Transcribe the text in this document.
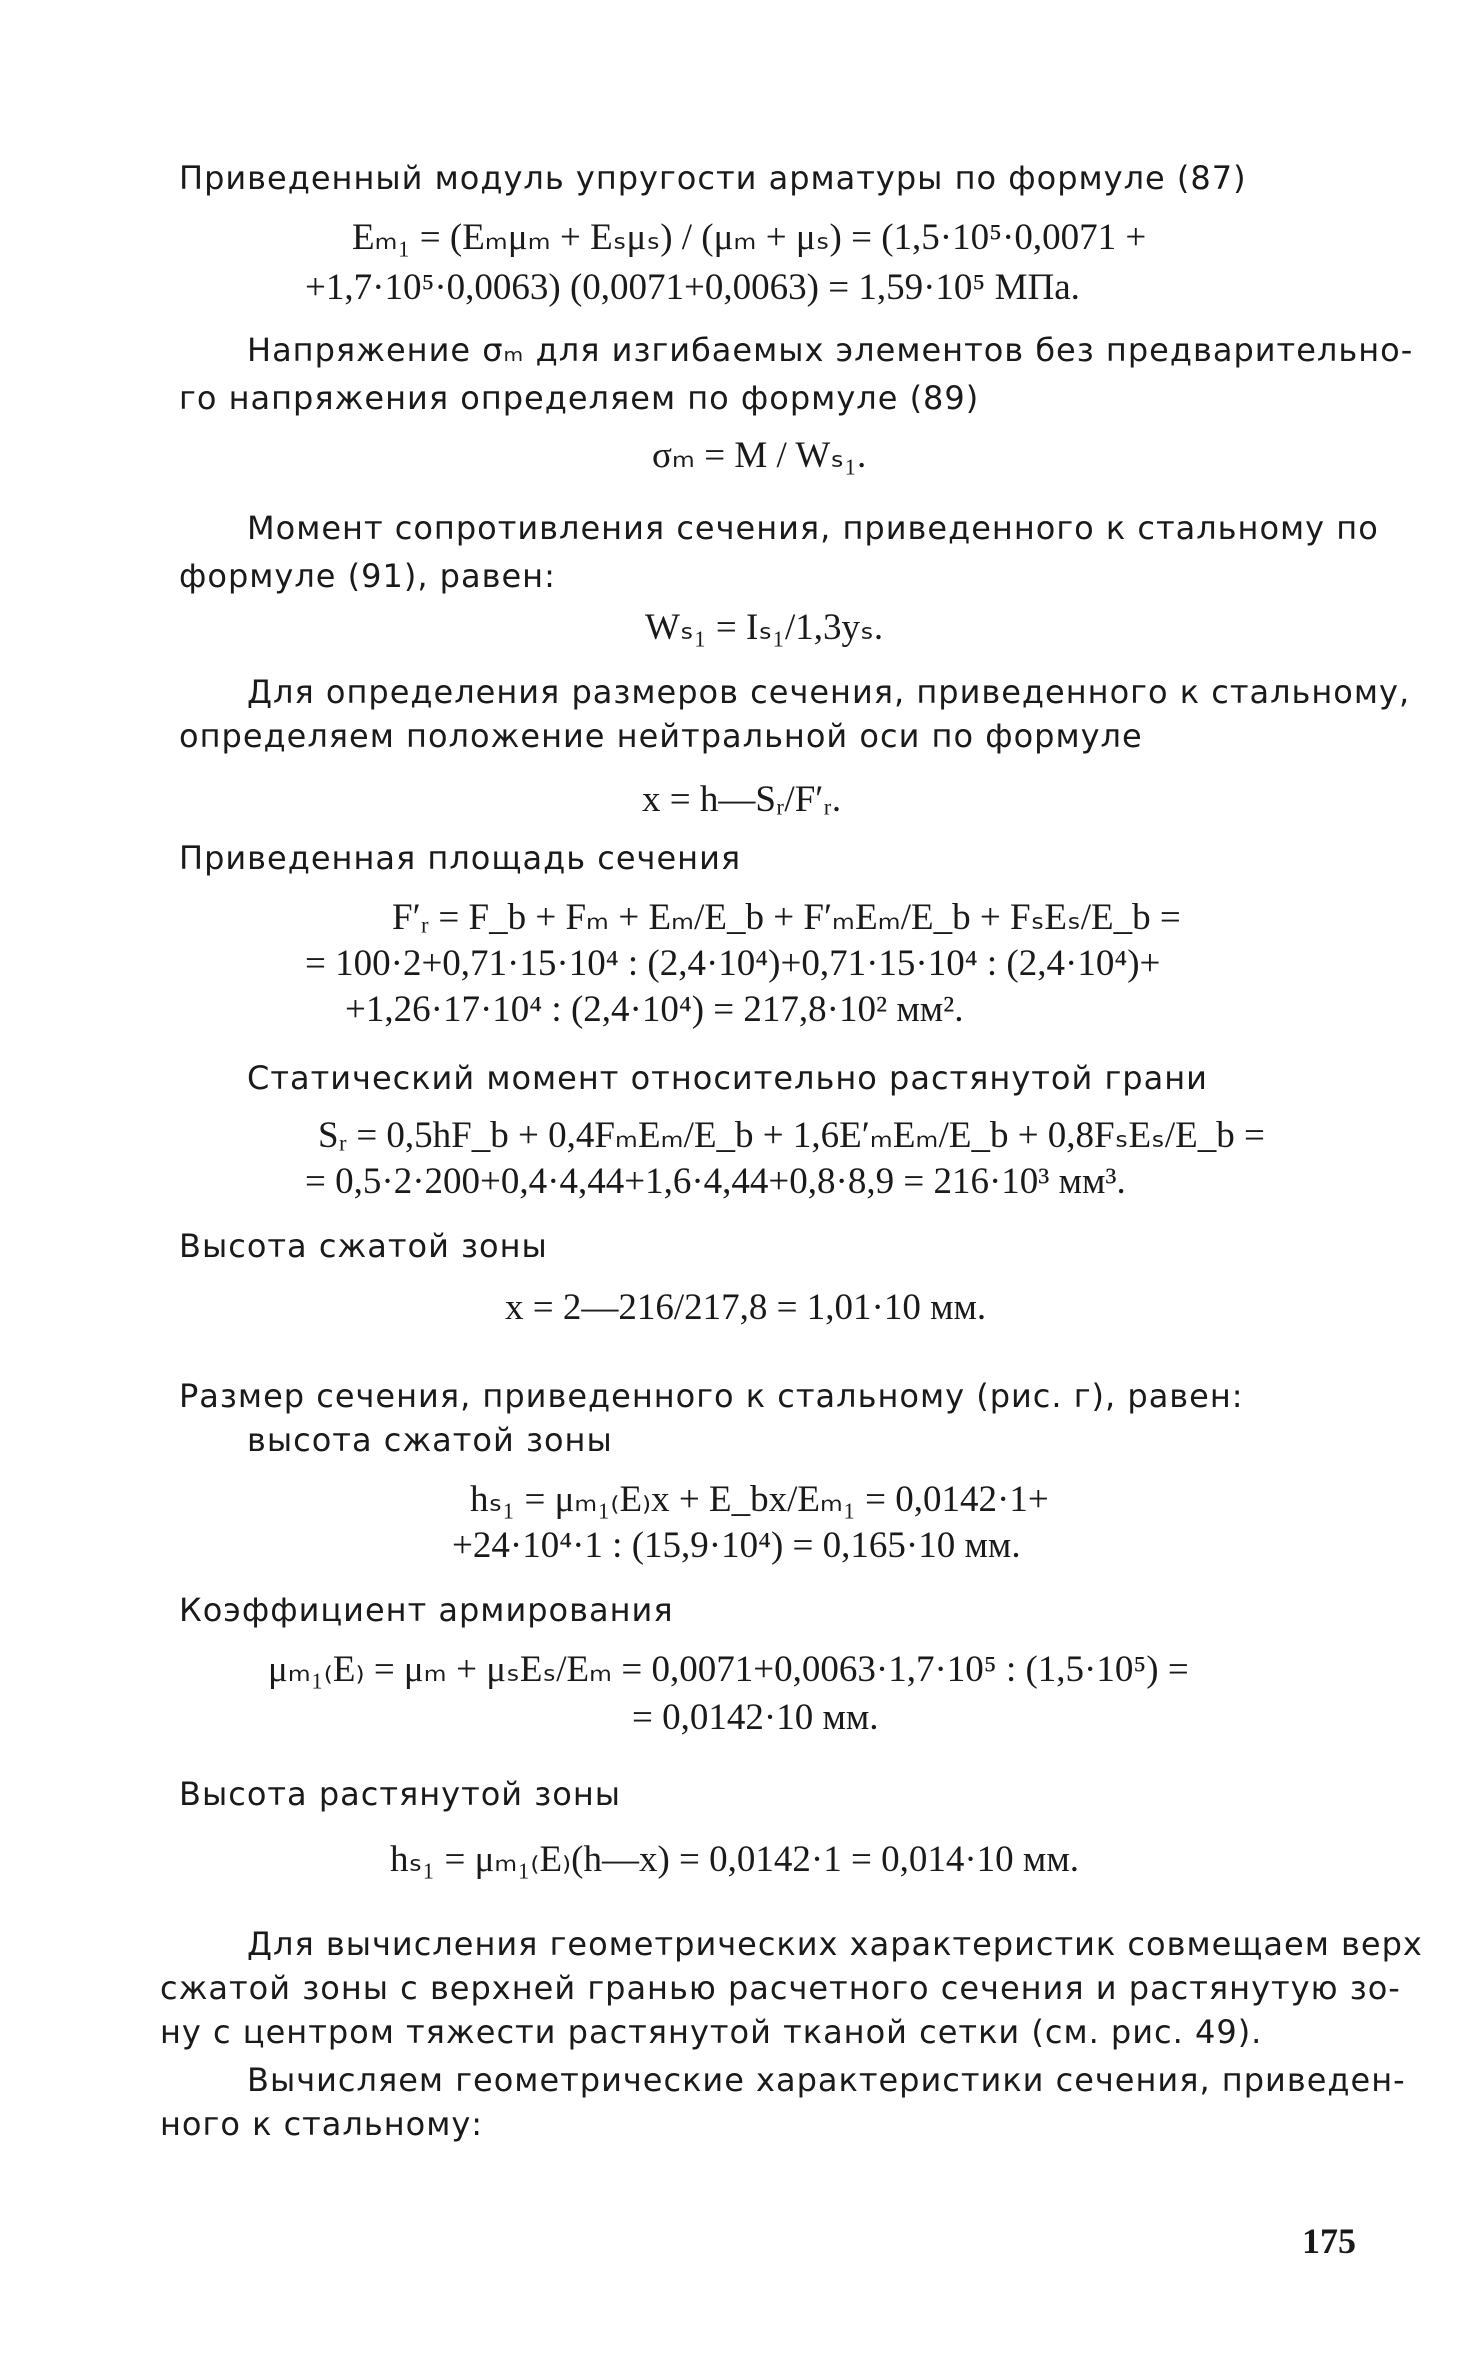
Приведенный модуль упругости арматуры по формуле (87)
Eₘ₁ = (Eₘμₘ + Eₛμₛ) / (μₘ + μₛ) = (1,5·10⁵·0,0071 +
+1,7·10⁵·0,0063) (0,0071+0,0063) = 1,59·10⁵ МПа.
Напряжение σₘ для изгибаемых элементов без предварительно-
го напряжения определяем по формуле (89)
σₘ = M / Wₛ₁.
Момент сопротивления сечения, приведенного к стальному по
формуле (91), равен:
Wₛ₁ = Iₛ₁/1,3yₛ.
Для определения размеров сечения, приведенного к стальному,
определяем положение нейтральной оси по формуле
x = h—Sᵣ/F′ᵣ.
Приведенная площадь сечения
F′ᵣ = F_b + Fₘ + Eₘ/E_b + F′ₘEₘ/E_b + FₛEₛ/E_b =
= 100·2+0,71·15·10⁴ : (2,4·10⁴)+0,71·15·10⁴ : (2,4·10⁴)+
+1,26·17·10⁴ : (2,4·10⁴) = 217,8·10² мм².
Статический момент относительно растянутой грани
Sᵣ = 0,5hF_b + 0,4FₘEₘ/E_b + 1,6E′ₘEₘ/E_b + 0,8FₛEₛ/E_b =
= 0,5·2·200+0,4·4,44+1,6·4,44+0,8·8,9 = 216·10³ мм³.
Высота сжатой зоны
x = 2—216/217,8 = 1,01·10 мм.
Размер сечения, приведенного к стальному (рис. г), равен:
высота сжатой зоны
hₛ₁ = μₘ₁₍E₎x + E_bx/Eₘ₁ = 0,0142·1+
+24·10⁴·1 : (15,9·10⁴) = 0,165·10 мм.
Коэффициент армирования
μₘ₁₍E₎ = μₘ + μₛEₛ/Eₘ = 0,0071+0,0063·1,7·10⁵ : (1,5·10⁵) =
= 0,0142·10 мм.
Высота растянутой зоны
hₛ₁ = μₘ₁₍E₎(h—x) = 0,0142·1 = 0,014·10 мм.
Для вычисления геометрических характеристик совмещаем верх
сжатой зоны с верхней гранью расчетного сечения и растянутую зо-
ну с центром тяжести растянутой тканой сетки (см. рис. 49).
Вычисляем геометрические характеристики сечения, приведен-
ного к стальному:
175
